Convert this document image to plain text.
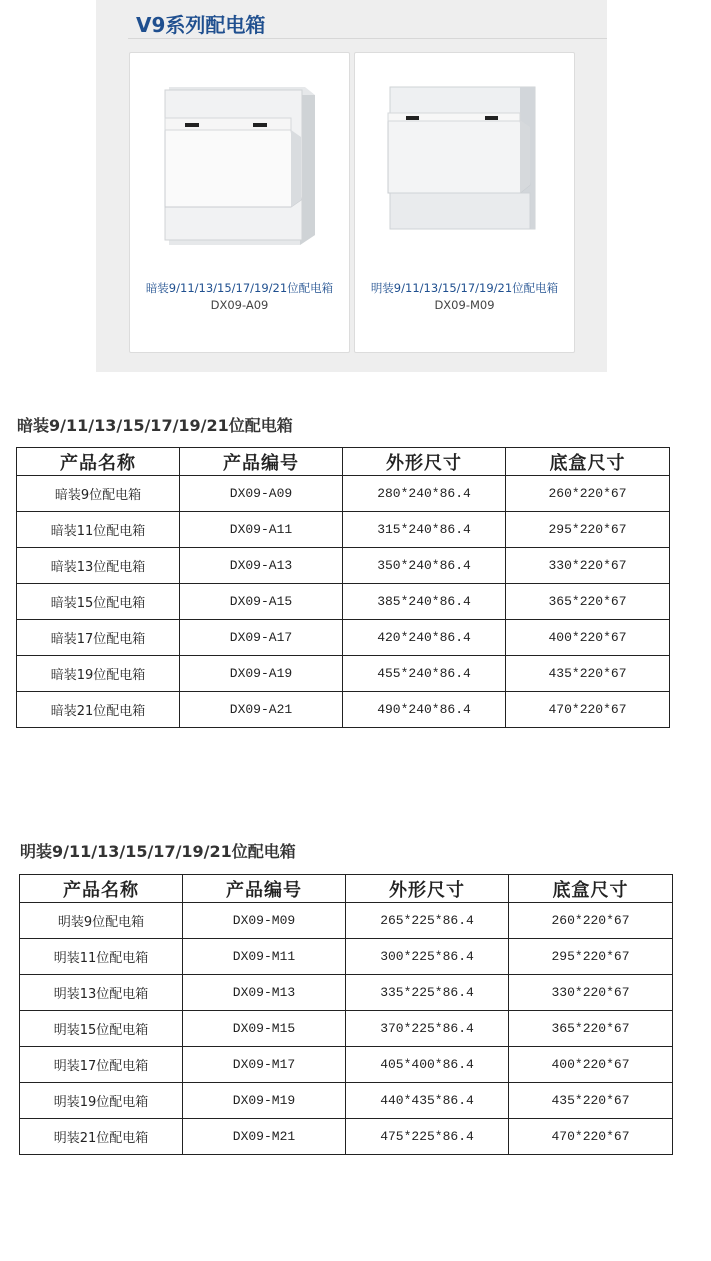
V9系列配电箱
暗装9/11/13/15/17/19/21位配电箱
DX09-A09
明装9/11/13/15/17/19/21位配电箱
DX09-M09
暗装9/11/13/15/17/19/21位配电箱
产品名称	产品编号	外形尺寸	底盒尺寸
暗装9位配电箱	DX09-A09	280*240*86.4	260*220*67
暗装11位配电箱	DX09-A11	315*240*86.4	295*220*67
暗装13位配电箱	DX09-A13	350*240*86.4	330*220*67
暗装15位配电箱	DX09-A15	385*240*86.4	365*220*67
暗装17位配电箱	DX09-A17	420*240*86.4	400*220*67
暗装19位配电箱	DX09-A19	455*240*86.4	435*220*67
暗装21位配电箱	DX09-A21	490*240*86.4	470*220*67
明装9/11/13/15/17/19/21位配电箱
产品名称	产品编号	外形尺寸	底盒尺寸
明装9位配电箱	DX09-M09	265*225*86.4	260*220*67
明装11位配电箱	DX09-M11	300*225*86.4	295*220*67
明装13位配电箱	DX09-M13	335*225*86.4	330*220*67
明装15位配电箱	DX09-M15	370*225*86.4	365*220*67
明装17位配电箱	DX09-M17	405*400*86.4	400*220*67
明装19位配电箱	DX09-M19	440*435*86.4	435*220*67
明装21位配电箱	DX09-M21	475*225*86.4	470*220*67
